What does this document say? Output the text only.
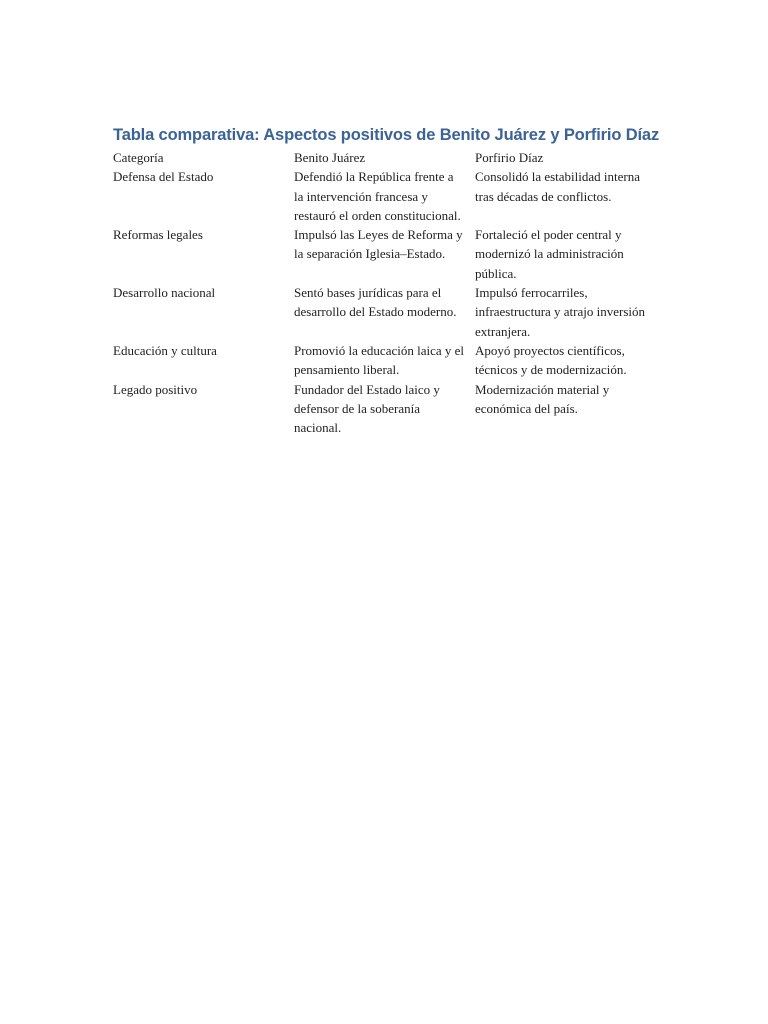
Tabla comparativa: Aspectos positivos de Benito Juárez y Porfirio Díaz
Categoría	Benito Juárez	Porfirio Díaz

Defensa del Estado	Defendió la República frente a la intervención francesa y restauró el orden constitucional.	Consolidó la estabilidad interna tras décadas de conflictos.

Reformas legales	Impulsó las Leyes de Reforma y la separación Iglesia–Estado.	Fortaleció el poder central y modernizó la administración pública.

Desarrollo nacional	Sentó bases jurídicas para el desarrollo del Estado moderno.	Impulsó ferrocarriles, infraestructura y atrajo inversión extranjera.

Educación y cultura	Promovió la educación laica y el pensamiento liberal.	Apoyó proyectos científicos, técnicos y de modernización.

Legado positivo	Fundador del Estado laico y defensor de la soberanía nacional.	Modernización material y económica del país.
